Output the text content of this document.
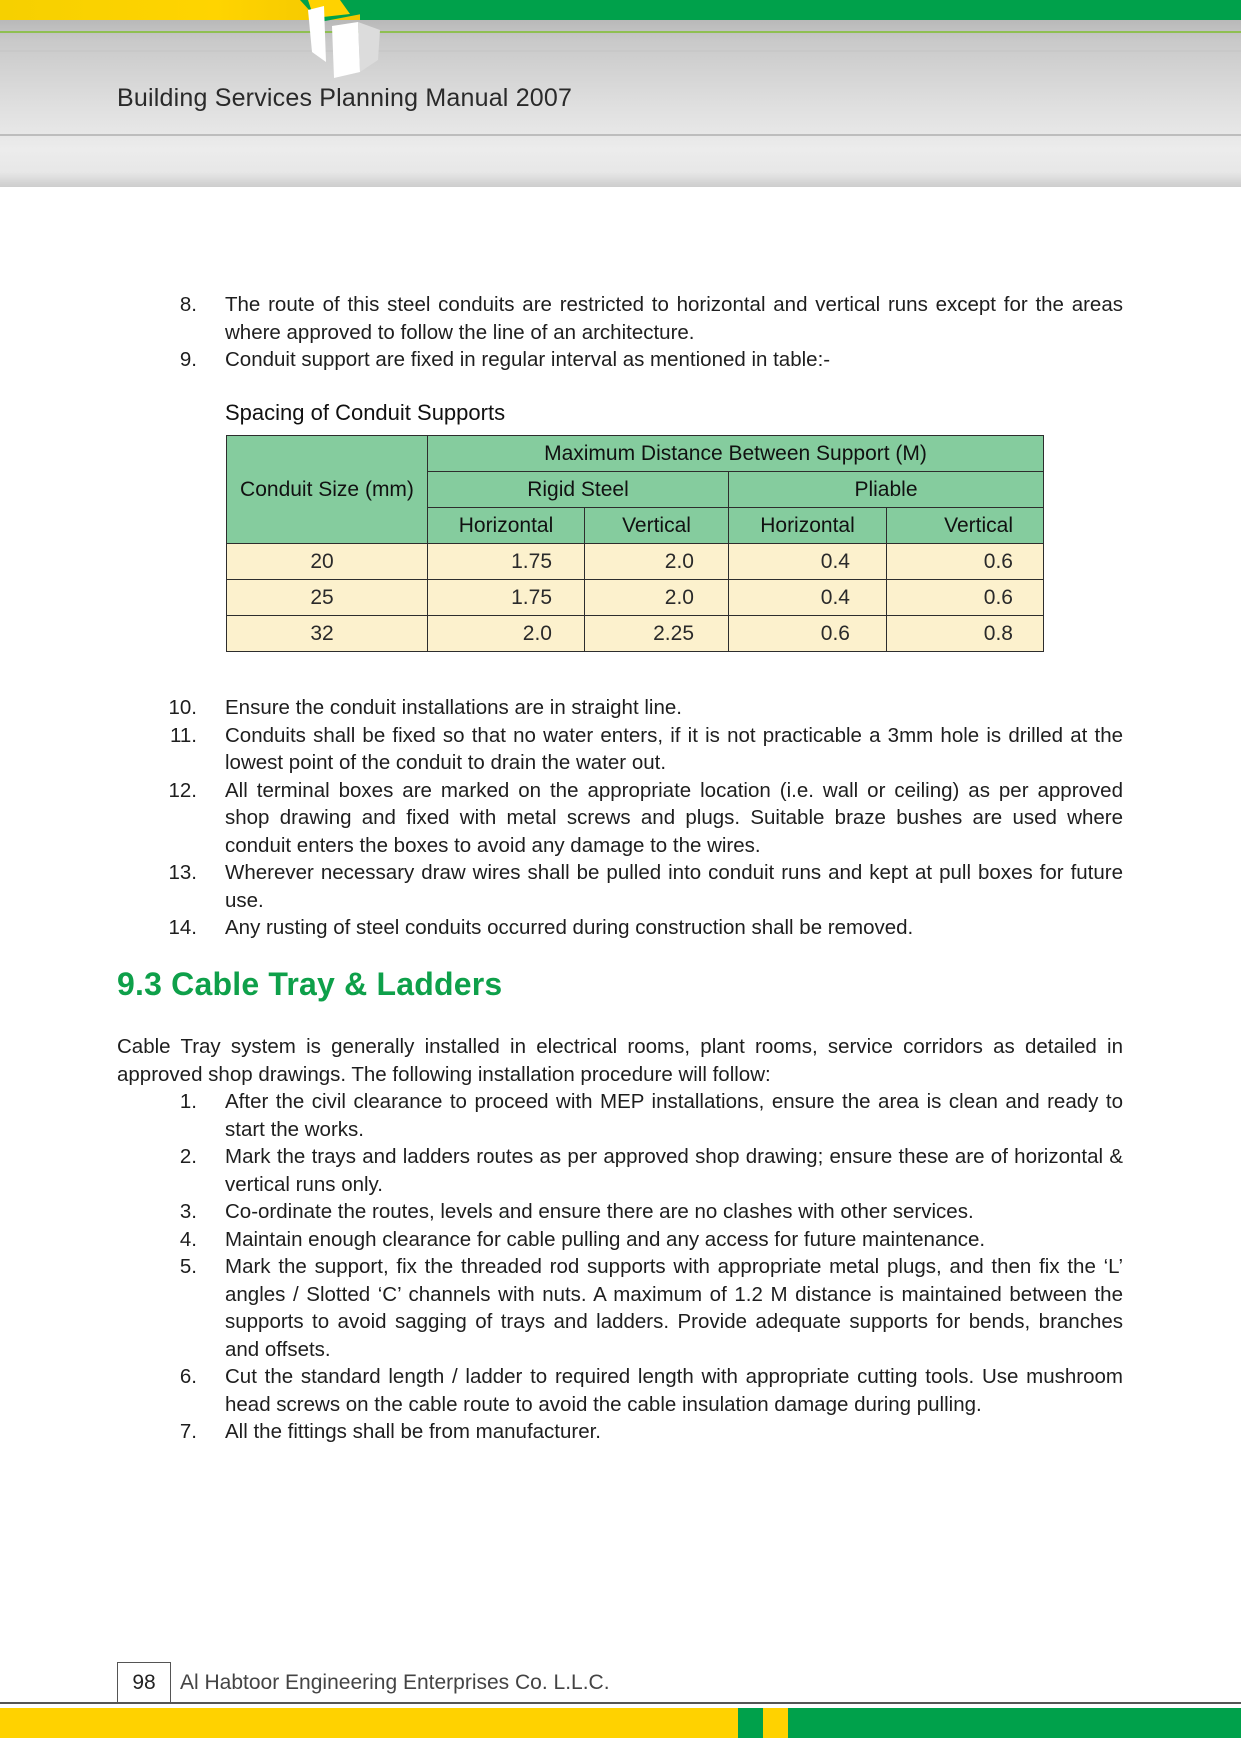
Building Services Planning Manual 2007
8. The route of this steel conduits are restricted to horizontal and vertical runs except for the areas where approved to follow the line of an architecture.
9. Conduit support are fixed in regular interval as mentioned in table:-
Spacing of Conduit Supports
Conduit Size (mm)	Maximum Distance Between Support (M)			
	Rigid Steel		Pliable	
	Horizontal	Vertical	Horizontal	Vertical
20	1.75	2.0	0.4	0.6
25	1.75	2.0	0.4	0.6
32	2.0	2.25	0.6	0.8
10. Ensure the conduit installations are in straight line.
11. Conduits shall be fixed so that no water enters, if it is not practicable a 3mm hole is drilled at the lowest point of the conduit to drain the water out.
12. All terminal boxes are marked on the appropriate location (i.e. wall or ceiling) as per approved shop drawing and fixed with metal screws and plugs. Suitable braze bushes are used where conduit enters the boxes to avoid any damage to the wires.
13. Wherever necessary draw wires shall be pulled into conduit runs and kept at pull boxes for future use.
14. Any rusting of steel conduits occurred during construction shall be removed.
9.3 Cable Tray & Ladders
Cable Tray system is generally installed in electrical rooms, plant rooms, service corridors as detailed in approved shop drawings. The following installation procedure will follow:
1. After the civil clearance to proceed with MEP installations, ensure the area is clean and ready to start the works.
2. Mark the trays and ladders routes as per approved shop drawing; ensure these are of horizontal & vertical runs only.
3. Co-ordinate the routes, levels and ensure there are no clashes with other services.
4. Maintain enough clearance for cable pulling and any access for future maintenance.
5. Mark the support, fix the threaded rod supports with appropriate metal plugs, and then fix the ‘L’ angles / Slotted ‘C’ channels with nuts. A maximum of 1.2 M distance is maintained between the supports to avoid sagging of trays and ladders. Provide adequate supports for bends, branches and offsets.
6. Cut the standard length / ladder to required length with appropriate cutting tools. Use mushroom head screws on the cable route to avoid the cable insulation damage during pulling.
7. All the fittings shall be from manufacturer.
98	Al Habtoor Engineering Enterprises Co. L.L.C.
